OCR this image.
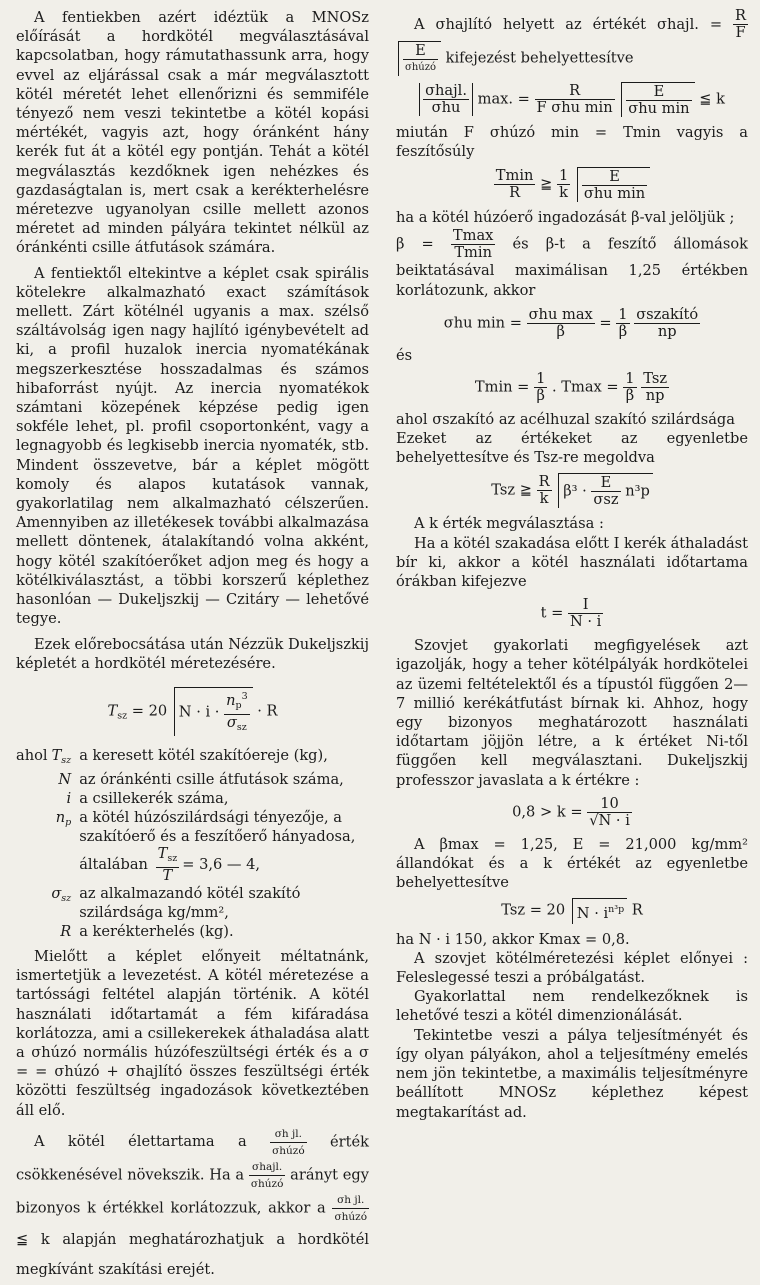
A fentiekben azért idéztük a MNOSz előírását a hordkötél megválasztásával kapcsolatban, hogy rámutathassunk arra, hogy evvel az eljárással csak a már megválasztott kötél méretét lehet ellenőrizni és semmiféle tényező nem veszi tekintetbe a kötél kopási mértékét, vagyis azt, hogy óránként hány kerék fut át a kötél egy pontján. Tehát a kötél megválasztás kezdőknek igen nehézkes és gazdaságtalan is, mert csak a kerékterhelésre méretezve ugyanolyan csille mellett azonos méretet ad minden pályára tekintet nélkül az óránkénti csille átfutások számára.

A fentiektől eltekintve a képlet csak spirális kötelekre alkalmazható exact számítások mellett. Zárt kötélnél ugyanis a max. szélső száltávolság igen nagy hajlító igénybevételt ad ki, a profil huzalok inercia nyomatékának megszerkesztése hosszadalmas és számos hibaforrást nyújt. Az inercia nyomatékok számtani közepének képzése pedig igen sokféle lehet, pl. profil csoportonként, vagy a legnagyobb és legkisebb inercia nyomaték, stb. Mindent összevetve, bár a képlet mögött komoly és alapos kutatások vannak, gyakorlatilag nem alkalmazható célszerűen. Amennyiben az illetékesek további alkalmazása mellett döntenek, átalakítandó volna akként, hogy kötél szakítóerőket adjon meg és hogy a kötélkiválasztást, a többi korszerű képlethez hasonlóan — Dukeljszkij — Czitáry — lehetővé tegye.

Ezek előrebocsátása után Nézzük Dukeljszkij képletét a hordkötél méretezésére.

$T_{sz} = 20$ $N \cdot i \cdot \frac{n_p^3}{\sigma_{sz}} \cdot R$
ahol $T_{sz}$	a keresett kötél szakítóereje (kg),
N	az óránkénti csille átfutások száma,
i	a csillekerék száma,
$n_p$	a kötél húzószilárdsági tényezője, a szakítóerő és a feszítőerő hányadosa, általában $\frac{T_{sz}}{T} = 3,6$ — 4,
$\sigma_{sz}$	az alkalmazandó kötél szakító szilárdsága kg/mm²,
R	a kerékterhelés (kg).

Mielőtt a képlet előnyeit méltatnánk, ismertetjük a levezetést. A kötél méretezése a tartóssági feltétel alapján történik. A kötél használati időtartamát a fém kifáradása korlátozza, ami a csillekerekek áthaladása alatt a σhúzó normális húzófeszültségi érték és a σ = = σhúzó + σhajlító összes feszültségi érték közötti feszültség ingadozások következtében áll elő.

A kötél élettartama a $\frac{\text{σh jl.}}{\text{σhúzó}}$ érték csökkenésével növekszik. Ha a $\frac{\text{σhajl.}}{\text{σhúzó}}$ arányt egy bizonyos k értékkel korlátozzuk, akkor a $\frac{\text{σh jl.}}{\text{σhúzó}}$
≦ k alapján meghatározhatjuk a hordkötél megkívánt szakítási erejét.

A σhajlító helyett az értékét σhajl. = $\frac{R}{F}$

$\frac{E}{\text{σhúzó}}$ kifejezést behelyettesítve

$\frac{\text{σhajl.}}{\text{σhu}} \max$. = $\frac{R}{\text{F σhu min}}$
$\frac{E}{\text{σhu min}}$ ≦ k

miután F σhúzó min = Tmin vagyis a feszítősúly

$\frac{Tmin}{R}$ ≧ $\frac{1}{k}$
$\frac{E}{\text{σhu min}}$

ha a kötél húzóerő ingadozását β-val jelöljük ;

$\beta = \frac{Tmax}{Tmin}$ és β-t a feszítő állomások beiktatásával maximálisan 1,25 értékben korlátozunk, akkor

σhu $\min = \frac{\text{σhu max}}{\beta} = \frac{1}{\beta}$
$\frac{\text{σszakító}}{np}$

és

$Tmin = \frac{1}{\beta}$ . $Tmax = \frac{1}{\beta}$
$\frac{\text{Tsz}}{np}$

ahol σszakító az acélhuzal szakító szilárdsága

Ezeket az értékeket az egyenletbe behelyettesítve és Tsz-re megoldva

Tsz ≧ $\frac{R}{k} \beta^3 \cdot \frac{E}{\text{σsz}} n^3p$

A k érték megválasztása :

Ha a kötél szakadása előtt I kerék áthaladást bír ki, akkor a kötél használati időtartama órákban kifejezve

$t = \frac{I}{N \cdot i}$

Szovjet gyakorlati megfigyelések azt igazolják, hogy a teher kötélpályák hordkötelei az üzemi feltételektől és a típustól függően 2—7 millió kerékátfutást bírnak ki. Ahhoz, hogy egy bizonyos meghatározott használati időtartam jöjjön létre, a k értéket Ni-től függően kell megválasztani. Dukeljszkij professzor javaslata a k értékre :

$0,8 > k = \frac{10}{√N \cdot i}$

A βmax = 1,25, E = 21,000 kg/mm² állandókat és a k értékét az egyenletbe behelyettesítve

Tsz = 20 $N \cdot i^{n^3p}$ R

ha N · i 150, akkor Kmax = 0,8.

A szovjet kötélméretezési képlet előnyei : Feleslegessé teszi a próbálgatást.

Gyakorlattal nem rendelkezőknek is lehetővé teszi a kötél dimenzionálását.

Tekintetbe veszi a pálya teljesítményét és így olyan pályákon, ahol a teljesítmény emelés nem jön tekintetbe, a maximális teljesítményre beállított MNOSz képlethez képest megtakarítást ad.
